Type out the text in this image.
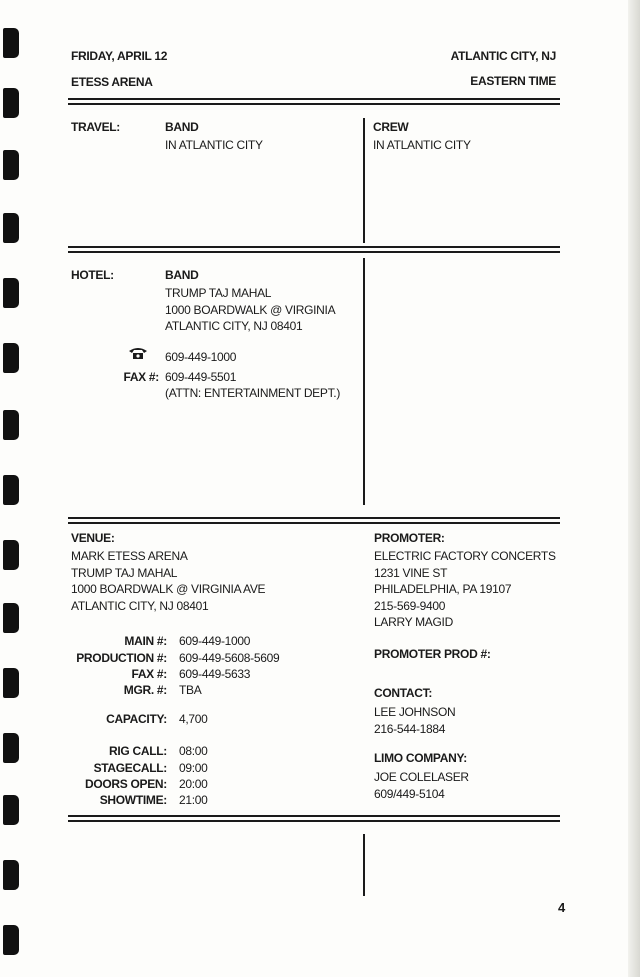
FRIDAY, APRIL 12	ATLANTIC CITY, NJ
ETESS ARENA	EASTERN TIME
TRAVEL:	BAND
IN ATLANTIC CITY
CREW
IN ATLANTIC CITY
HOTEL:	BAND
TRUMP TAJ MAHAL
1000 BOARDWALK @ VIRGINIA
ATLANTIC CITY, NJ 08401
609-449-1000
FAX #: 609-449-5501
(ATTN: ENTERTAINMENT DEPT.)
VENUE:
MARK ETESS ARENA
TRUMP TAJ MAHAL
1000 BOARDWALK @ VIRGINIA AVE
ATLANTIC CITY, NJ 08401
MAIN #: 609-449-1000
PRODUCTION #: 609-449-5608-5609
FAX #: 609-449-5633
MGR. #: TBA
CAPACITY: 4,700
RIG CALL: 08:00
STAGECALL: 09:00
DOORS OPEN: 20:00
SHOWTIME: 21:00
PROMOTER:
ELECTRIC FACTORY CONCERTS
1231 VINE ST
PHILADELPHIA, PA 19107
215-569-9400
LARRY MAGID
PROMOTER PROD #:
CONTACT:
LEE JOHNSON
216-544-1884
LIMO COMPANY:
JOE COLELASER
609/449-5104
4
